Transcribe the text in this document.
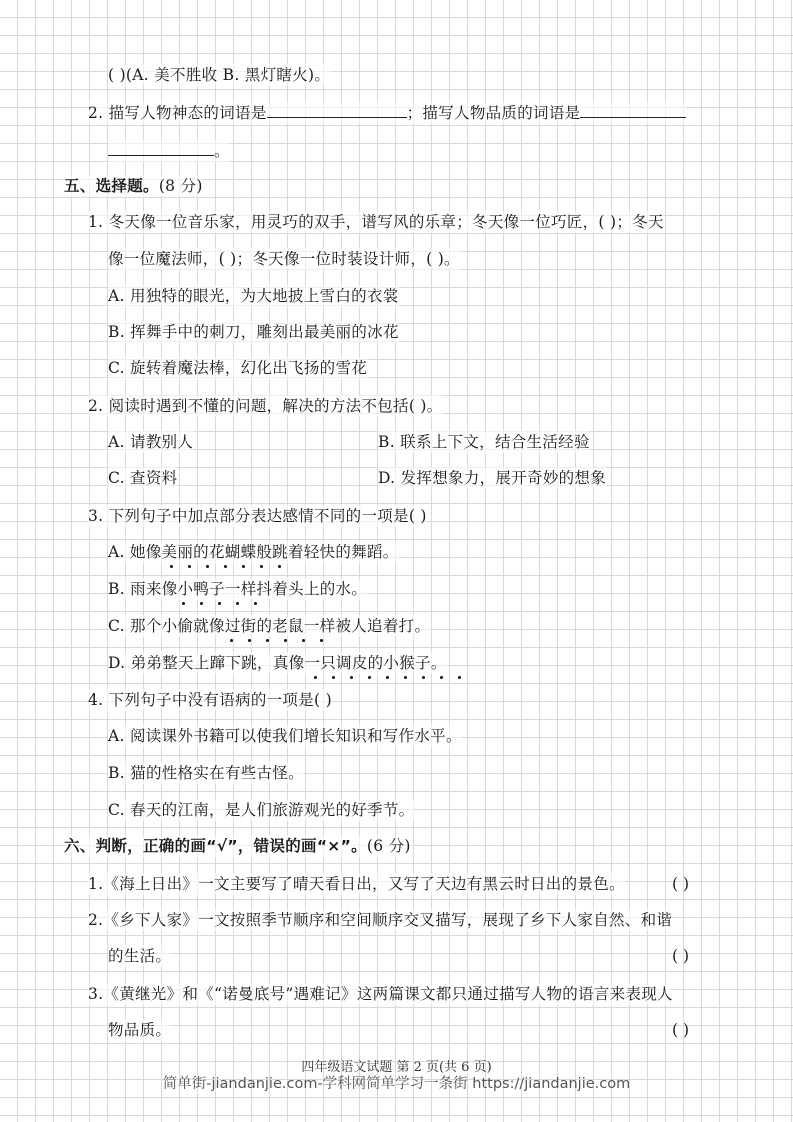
( )(A. 美不胜收 B. 黑灯瞎火)。
2. 描写人物神态的词语是	；描写人物品质的词语是
。
五、选择题。(8 分)
1. 冬天像一位音乐家，用灵巧的双手，谱写风的乐章；冬天像一位巧匠，( )；冬天
像一位魔法师，( )；冬天像一位时装设计师，( )。
A. 用独特的眼光，为大地披上雪白的衣裳
B. 挥舞手中的刺刀，雕刻出最美丽的冰花
C. 旋转着魔法棒，幻化出飞扬的雪花
2. 阅读时遇到不懂的问题，解决的方法不包括( )。
A. 请教别人	B. 联系上下文，结合生活经验
C. 查资料	D. 发挥想象力，展开奇妙的想象
3. 下列句子中加点部分表达感情不同的一项是( )
A. 她像美丽的花蝴蝶般跳着轻快的舞蹈。
B. 雨来像小鸭子一样抖着头上的水。
C. 那个小偷就像过街的老鼠一样被人追着打。
D. 弟弟整天上蹿下跳，真像一只调皮的小猴子。
4. 下列句子中没有语病的一项是( )
A. 阅读课外书籍可以使我们增长知识和写作水平。
B. 猫的性格实在有些古怪。
C. 春天的江南，是人们旅游观光的好季节。
六、判断，正确的画“√”，错误的画“×”。(6 分)
1.《海上日出》一文主要写了晴天看日出，又写了天边有黑云时日出的景色。	( )
2.《乡下人家》一文按照季节顺序和空间顺序交叉描写，展现了乡下人家自然、和谐
的生活。	( )
3.《黄继光》和《“诺曼底号”遇难记》这两篇课文都只通过描写人物的语言来表现人
物品质。	( )
四年级语文试题 第 2 页(共 6 页)
简单街-jiandanjie.com-学科网简单学习一条街 https://jiandanjie.com
